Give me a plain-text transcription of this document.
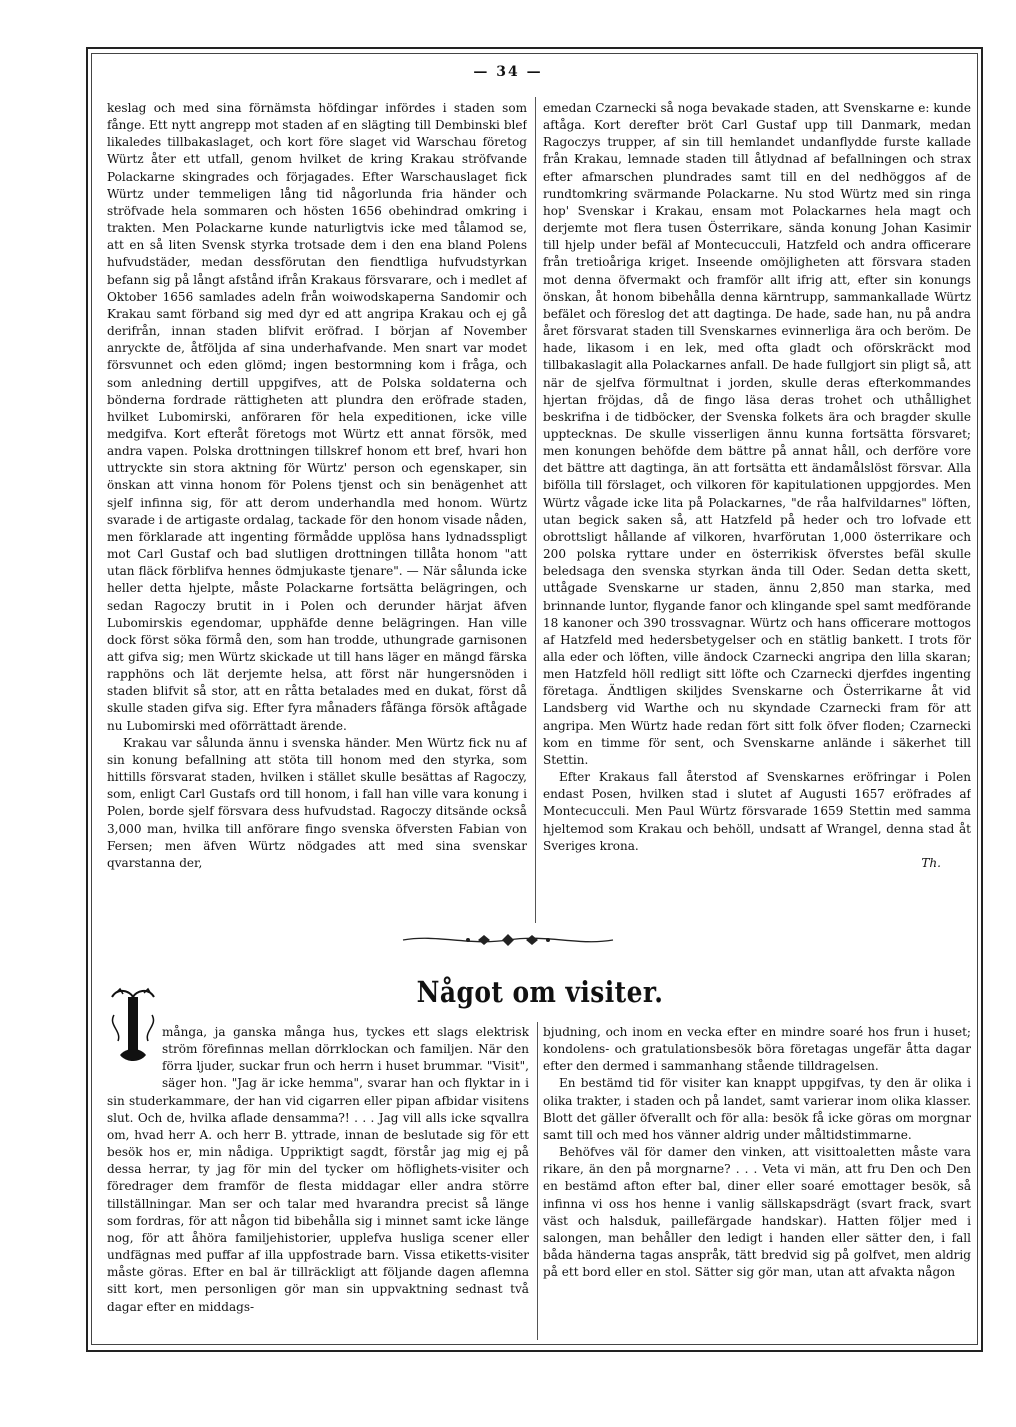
— 34 —

keslag och med sina förnämsta höfdingar infördes i staden som fånge. Ett nytt angrepp mot staden af en slägting till Dembinski blef likaledes tillbakaslaget, och kort före slaget vid Warschau företog Würtz åter ett utfall, genom hvilket de kring Krakau ströfvande Polackarne skingrades och förjagades. Efter Warschauslaget fick Würtz under temmeligen lång tid någorlunda fria händer och ströfvade hela sommaren och hösten 1656 obehindrad omkring i trakten. Men Polackarne kunde naturligtvis icke med tålamod se, att en så liten Svensk styrka trotsade dem i den ena bland Polens hufvudstäder, medan dessförutan den fiendtliga hufvudstyrkan befann sig på långt afstånd ifrån Krakaus försvarare, och i medlet af Oktober 1656 samlades adeln från woiwodskaperna Sandomir och Krakau samt förband sig med dyr ed att angripa Krakau och ej gå derifrån, innan staden blifvit eröfrad. I början af November anryckte de, åtföljda af sina underhafvande. Men snart var modet försvunnet och eden glömd; ingen bestormning kom i fråga, och som anledning dertill uppgifves, att de Polska soldaterna och bönderna fordrade rättigheten att plundra den eröfrade staden, hvilket Lubomirski, anföraren för hela expeditionen, icke ville medgifva. Kort efteråt företogs mot Würtz ett annat försök, med andra vapen. Polska drottningen tillskref honom ett bref, hvari hon uttryckte sin stora aktning för Würtz' person och egenskaper, sin önskan att vinna honom för Polens tjenst och sin benägenhet att sjelf infinna sig, för att derom underhandla med honom. Würtz svarade i de artigaste ordalag, tackade för den honom visade nåden, men förklarade att ingenting förmådde upplösa hans lydnadsspligt mot Carl Gustaf och bad slutligen drottningen tillåta honom "att utan fläck förblifva hennes ödmjukaste tjenare". — När sålunda icke heller detta hjelpte, måste Polackarne fortsätta belägringen, och sedan Ragoczy brutit in i Polen och derunder härjat äfven Lubomirskis egendomar, upphäfde denne belägringen. Han ville dock först söka förmå den, som han trodde, uthungrade garnisonen att gifva sig; men Würtz skickade ut till hans läger en mängd färska rapphöns och lät derjemte helsa, att först när hungersnöden i staden blifvit så stor, att en råtta betalades med en dukat, först då skulle staden gifva sig. Efter fyra månaders fåfänga försök aftågade nu Lubomirski med oförrättadt ärende.

Krakau var sålunda ännu i svenska händer. Men Würtz fick nu af sin konung befallning att stöta till honom med den styrka, som hittills försvarat staden, hvilken i stället skulle besättas af Ragoczy, som, enligt Carl Gustafs ord till honom, i fall han ville vara konung i Polen, borde sjelf försvara dess hufvudstad. Ragoczy ditsände också 3,000 man, hvilka till anförare fingo svenska öfversten Fabian von Fersen; men äfven Würtz nödgades att med sina svenskar qvarstanna der,

emedan Czarnecki så noga bevakade staden, att Svenskarne e: kunde aftåga. Kort derefter bröt Carl Gustaf upp till Danmark, medan Ragoczys trupper, af sin till hemlandet undanflydde furste kallade från Krakau, lemnade staden till åtlydnad af befallningen och strax efter afmarschen plundrades samt till en del nedhöggos af de rundtomkring svärmande Polackarne. Nu stod Würtz med sin ringa hop' Svenskar i Krakau, ensam mot Polackarnes hela magt och derjemte mot flera tusen Österrikare, sända konung Johan Kasimir till hjelp under befäl af Montecucculi, Hatzfeld och andra officerare från tretioåriga kriget. Inseende omöjligheten att försvara staden mot denna öfvermakt och framför allt ifrig att, efter sin konungs önskan, åt honom bibehålla denna kärntrupp, sammankallade Würtz befälet och föreslog det att dagtinga. De hade, sade han, nu på andra året försvarat staden till Svenskarnes evinnerliga ära och beröm. De hade, likasom i en lek, med ofta gladt och oförskräckt mod tillbakaslagit alla Polackarnes anfall. De hade fullgjort sin pligt så, att när de sjelfva förmultnat i jorden, skulle deras efterkommandes hjertan fröjdas, då de fingo läsa deras trohet och uthållighet beskrifna i de tidböcker, der Svenska folkets ära och bragder skulle upptecknas. De skulle visserligen ännu kunna fortsätta försvaret; men konungen behöfde dem bättre på annat håll, och derföre vore det bättre att dagtinga, än att fortsätta ett ändamålslöst försvar. Alla bifölla till förslaget, och vilkoren för kapitulationen uppgjordes. Men Würtz vågade icke lita på Polackarnes, "de råa halfvildarnes" löften, utan begick saken så, att Hatzfeld på heder och tro lofvade ett obrottsligt hållande af vilkoren, hvarförutan 1,000 österrikare och 200 polska ryttare under en österrikisk öfverstes befäl skulle beledsaga den svenska styrkan ända till Oder. Sedan detta skett, uttågade Svenskarne ur staden, ännu 2,850 man starka, med brinnande luntor, flygande fanor och klingande spel samt medförande 18 kanoner och 390 trossvagnar. Würtz och hans officerare mottogos af Hatzfeld med hedersbetygelser och en stätlig bankett. I trots för alla eder och löften, ville ändock Czarnecki angripa den lilla skaran; men Hatzfeld höll redligt sitt löfte och Czarnecki djerfdes ingenting företaga. Ändtligen skiljdes Svenskarne och Österrikarne åt vid Landsberg vid Warthe och nu skyndade Czarnecki fram för att angripa. Men Würtz hade redan fört sitt folk öfver floden; Czarnecki kom en timme för sent, och Svenskarne anlände i säkerhet till Stettin.

Efter Krakaus fall återstod af Svenskarnes eröfringar i Polen endast Posen, hvilken stad i slutet af Augusti 1657 eröfrades af Montecucculi. Men Paul Würtz försvarade 1659 Stettin med samma hjeltemod som Krakau och behöll, undsatt af Wrangel, denna stad åt Sveriges krona.

Th.

Något om visiter.

många, ja ganska många hus, tyckes ett slags elektrisk ström förefinnas mellan dörrklockan och familjen. När den förra ljuder, suckar frun och herrn i huset brummar. "Visit", säger hon. "Jag är icke hemma", svarar han och flyktar in i sin studerkammare, der han vid cigarren eller pipan afbidar visitens slut. Och de, hvilka aflade densamma?! . . . Jag vill alls icke sqvallra om, hvad herr A. och herr B. yttrade, innan de beslutade sig för ett besök hos er, min nådiga. Uppriktigt sagdt, förstår jag mig ej på dessa herrar, ty jag för min del tycker om höflighets-visiter och föredrager dem framför de flesta middagar eller andra större tillställningar. Man ser och talar med hvarandra precist så länge som fordras, för att någon tid bibehålla sig i minnet samt icke länge nog, för att åhöra familjehistorier, upplefva husliga scener eller undfägnas med puffar af illa uppfostrade barn. Vissa etiketts-visiter måste göras. Efter en bal är tillräckligt att följande dagen aflemna sitt kort, men personligen gör man sin uppvaktning sednast två dagar efter en middags-

bjudning, och inom en vecka efter en mindre soaré hos frun i huset; kondolens- och gratulationsbesök böra företagas ungefär åtta dagar efter den dermed i sammanhang stående tilldragelsen.

En bestämd tid för visiter kan knappt uppgifvas, ty den är olika i olika trakter, i staden och på landet, samt varierar inom olika klasser. Blott det gäller öfverallt och för alla: besök få icke göras om morgnar samt till och med hos vänner aldrig under måltidstimmarne.

Behöfves väl för damer den vinken, att visittoaletten måste vara rikare, än den på morgnarne? . . . Veta vi män, att fru Den och Den en bestämd afton efter bal, diner eller soaré emottager besök, så infinna vi oss hos henne i vanlig sällskapsdrägt (svart frack, svart väst och halsduk, paillefärgade handskar). Hatten följer med i salongen, man behåller den ledigt i handen eller sätter den, i fall båda händerna tagas anspråk, tätt bredvid sig på golfvet, men aldrig på ett bord eller en stol. Sätter sig gör man, utan att afvakta någon
